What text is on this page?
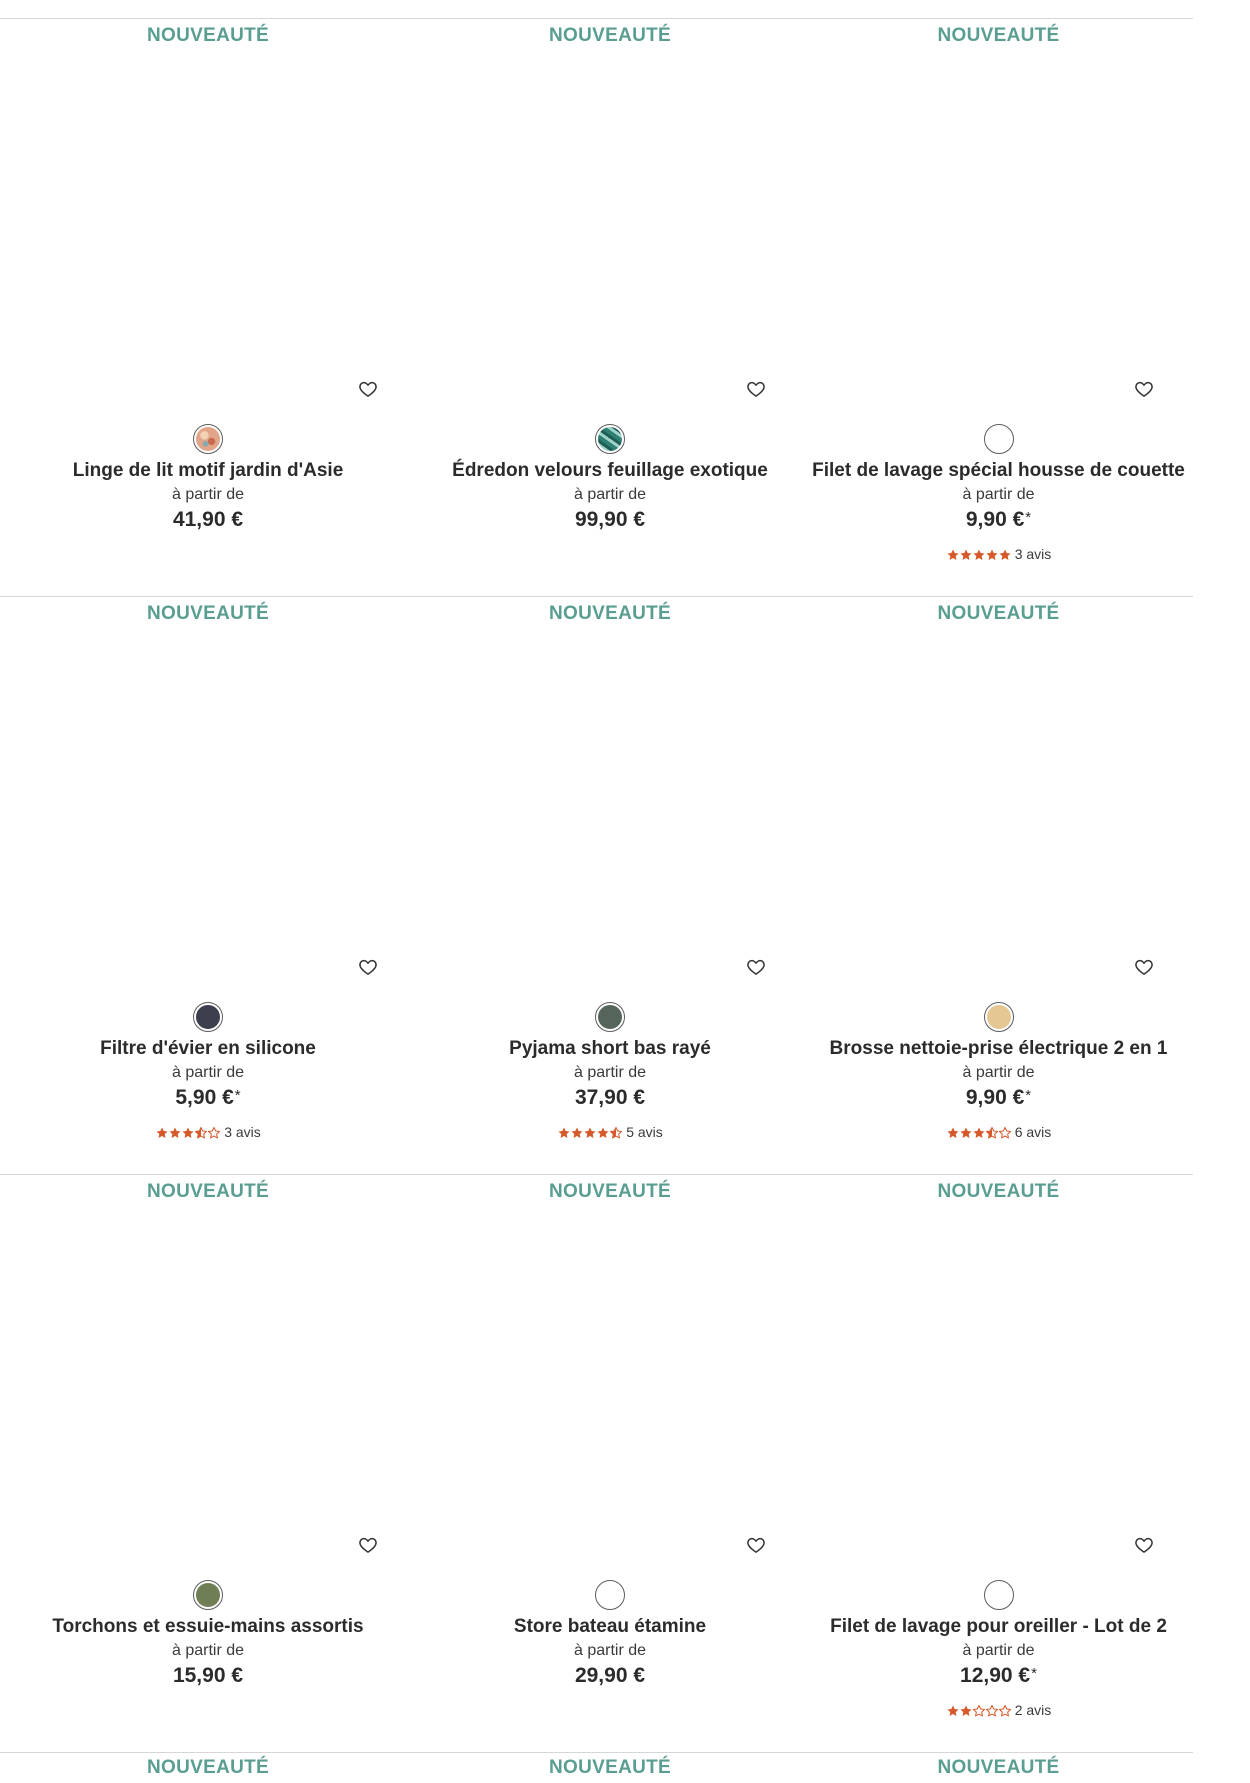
NOUVEAUTÉ
Linge de lit motif jardin d'Asie
à partir de
41,90 €
NOUVEAUTÉ
Édredon velours feuillage exotique
à partir de
99,90 €
NOUVEAUTÉ
Filet de lavage spécial housse de couette
à partir de
9,90 €*
3 avis
NOUVEAUTÉ
Filtre d'évier en silicone
à partir de
5,90 €*
3 avis
NOUVEAUTÉ
Pyjama short bas rayé
à partir de
37,90 €
5 avis
NOUVEAUTÉ
Brosse nettoie-prise électrique 2 en 1
à partir de
9,90 €*
6 avis
NOUVEAUTÉ
Torchons et essuie-mains assortis
à partir de
15,90 €
NOUVEAUTÉ
Store bateau étamine
à partir de
29,90 €
NOUVEAUTÉ
Filet de lavage pour oreiller - Lot de 2
à partir de
12,90 €*
2 avis
NOUVEAUTÉ	NOUVEAUTÉ	NOUVEAUTÉ
